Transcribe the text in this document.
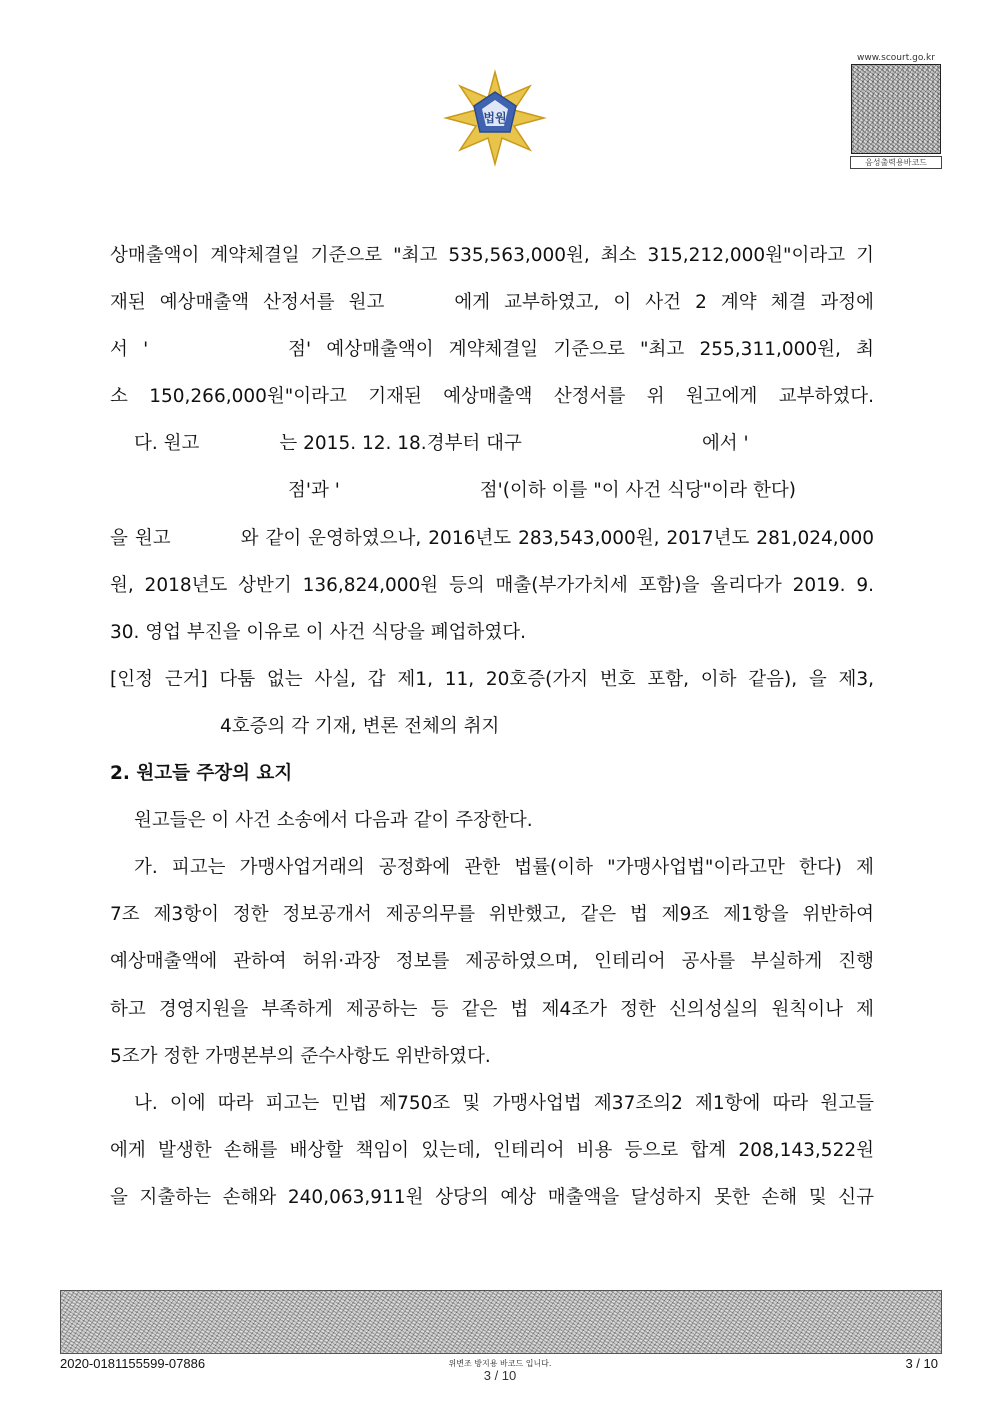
법원
www.scourt.go.kr
음성출력용바코드
상매출액이 계약체결일 기준으로 "최고 535,563,000원, 최소 315,212,000원"이라고 기
재된 예상매출액 산정서를 원고	에게 교부하였고, 이 사건 2 계약 체결 과정에
서 '	점' 예상매출액이 계약체결일 기준으로 "최고 255,311,000원, 최
소 150,266,000원"이라고 기재된 예상매출액 산정서를 위 원고에게 교부하였다.
다. 원고	는 2015. 12. 18.경부터 대구	에서 '
점'과 '	점'(이하 이를 "이 사건 식당"이라 한다)
을 원고	와 같이 운영하였으나, 2016년도 283,543,000원, 2017년도 281,024,000
원, 2018년도 상반기 136,824,000원 등의 매출(부가가치세 포함)을 올리다가 2019. 9.
30. 영업 부진을 이유로 이 사건 식당을 폐업하였다.
[인정 근거] 다툼 없는 사실, 갑 제1, 11, 20호증(가지 번호 포함, 이하 같음), 을 제3,
4호증의 각 기재, 변론 전체의 취지
2. 원고들 주장의 요지
원고들은 이 사건 소송에서 다음과 같이 주장한다.
가. 피고는 가맹사업거래의 공정화에 관한 법률(이하 "가맹사업법"이라고만 한다) 제
7조 제3항이 정한 정보공개서 제공의무를 위반했고, 같은 법 제9조 제1항을 위반하여
예상매출액에 관하여 허위·과장 정보를 제공하였으며, 인테리어 공사를 부실하게 진행
하고 경영지원을 부족하게 제공하는 등 같은 법 제4조가 정한 신의성실의 원칙이나 제
5조가 정한 가맹본부의 준수사항도 위반하였다.
나. 이에 따라 피고는 민법 제750조 및 가맹사업법 제37조의2 제1항에 따라 원고들
에게 발생한 손해를 배상할 책임이 있는데, 인테리어 비용 등으로 합계 208,143,522원
을 지출하는 손해와 240,063,911원 상당의 예상 매출액을 달성하지 못한 손해 및 신규
2020-0181155599-07886	위변조 방지용 바코드 입니다.
3 / 10
3 / 10
